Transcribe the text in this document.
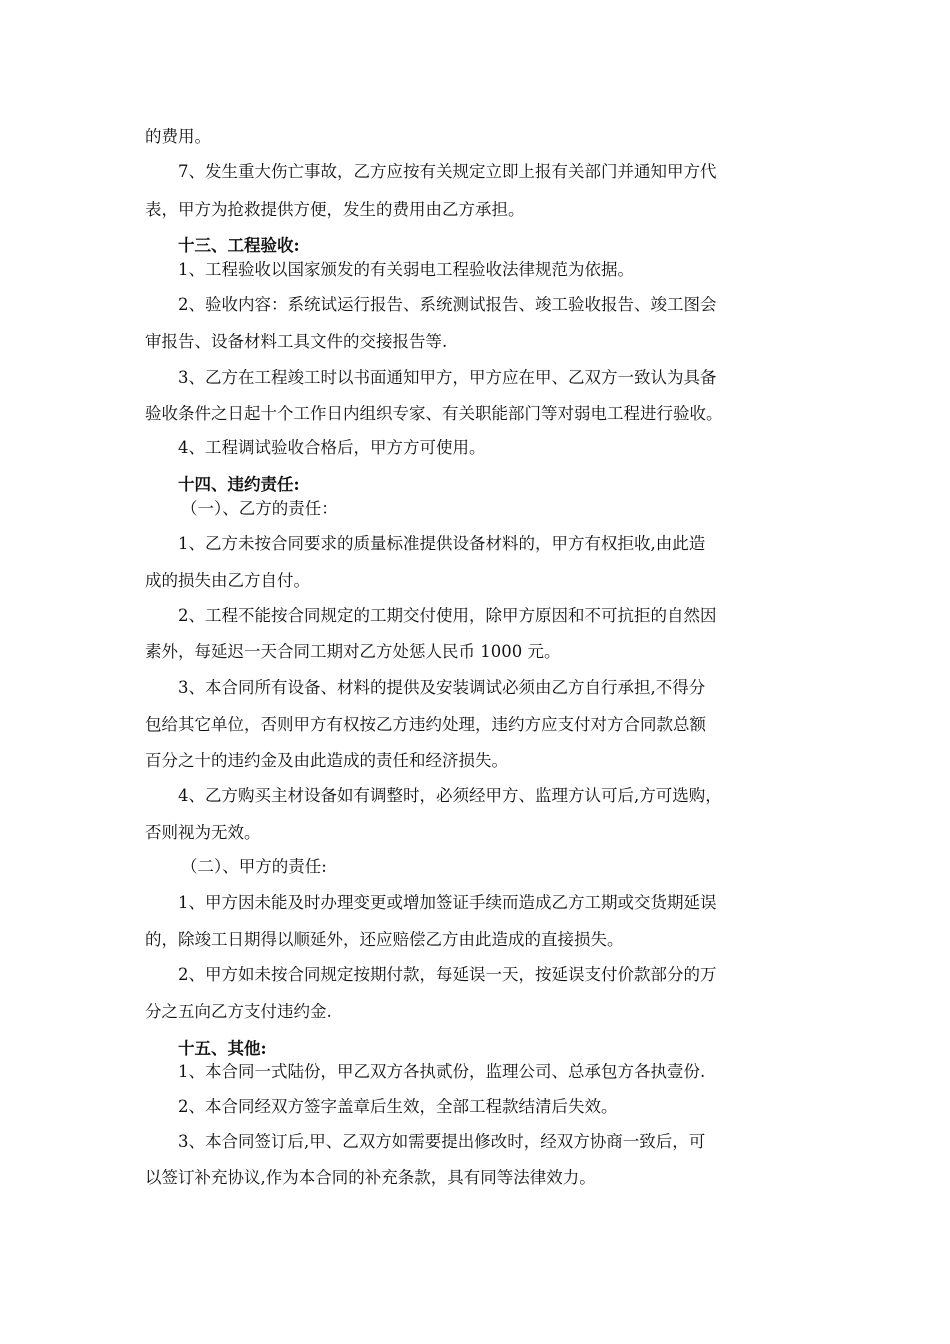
的费用。

7、发生重大伤亡事故，乙方应按有关规定立即上报有关部门并通知甲方代

表，甲方为抢救提供方便，发生的费用由乙方承担。

十三、工程验收:

1、工程验收以国家颁发的有关弱电工程验收法律规范为依据。

2、验收内容：系统试运行报告、系统测试报告、竣工验收报告、竣工图会

审报告、设备材料工具文件的交接报告等.

3、乙方在工程竣工时以书面通知甲方，甲方应在甲、乙双方一致认为具备

验收条件之日起十个工作日内组织专家、有关职能部门等对弱电工程进行验收。

4、工程调试验收合格后，甲方方可使用。

十四、违约责任:

（一）、乙方的责任：

1、乙方未按合同要求的质量标准提供设备材料的，甲方有权拒收,由此造

成的损失由乙方自付。

2、工程不能按合同规定的工期交付使用，除甲方原因和不可抗拒的自然因

素外，每延迟一天合同工期对乙方处惩人民币 1000 元。

3、本合同所有设备、材料的提供及安装调试必须由乙方自行承担,不得分

包给其它单位，否则甲方有权按乙方违约处理，违约方应支付对方合同款总额

百分之十的违约金及由此造成的责任和经济损失。

4、乙方购买主材设备如有调整时，必须经甲方、监理方认可后,方可选购，

否则视为无效。

（二）、甲方的责任:

1、甲方因未能及时办理变更或增加签证手续而造成乙方工期或交货期延误

的，除竣工日期得以顺延外，还应赔偿乙方由此造成的直接损失。

2、甲方如未按合同规定按期付款，每延误一天，按延误支付价款部分的万

分之五向乙方支付违约金.

十五、其他:

1、本合同一式陆份，甲乙双方各执贰份，监理公司、总承包方各执壹份.

2、本合同经双方签字盖章后生效，全部工程款结清后失效。

3、本合同签订后,甲、乙双方如需要提出修改时，经双方协商一致后，可

以签订补充协议,作为本合同的补充条款，具有同等法律效力。
